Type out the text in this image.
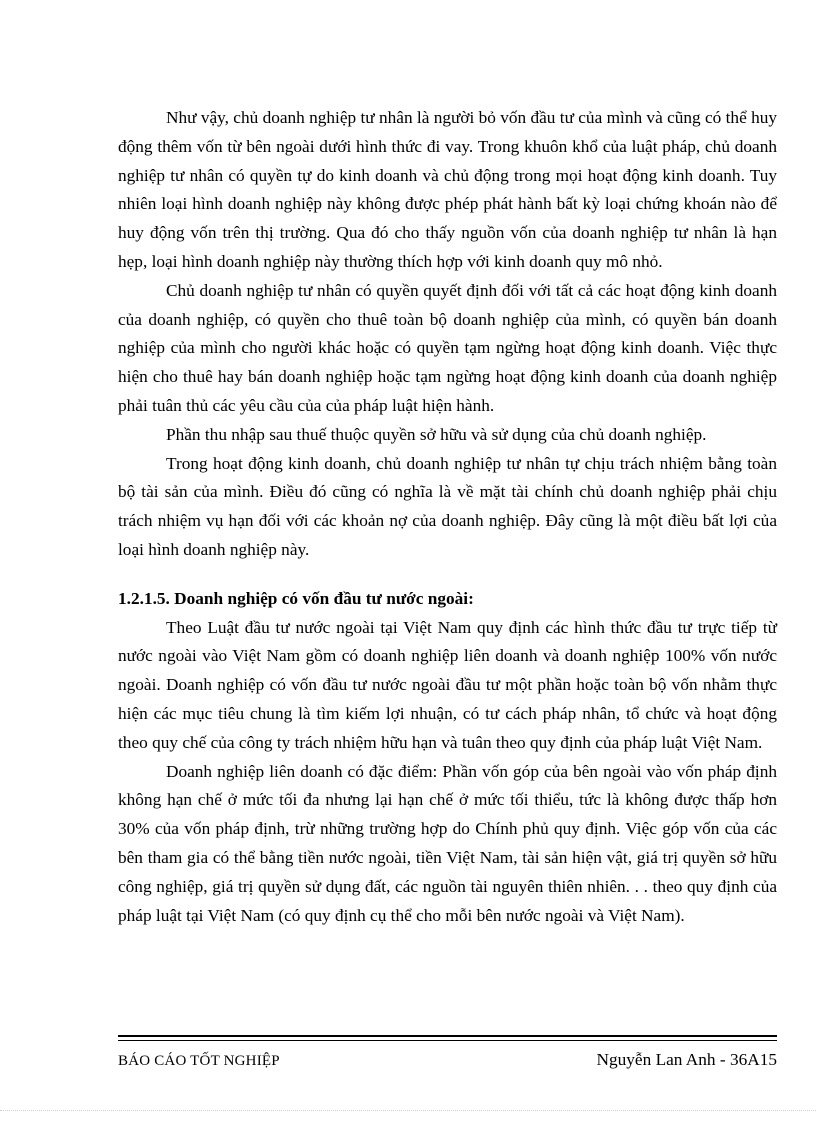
Như vậy, chủ doanh nghiệp tư nhân là người bỏ vốn đầu tư của mình và cũng có thể huy động thêm vốn từ bên ngoài dưới hình thức đi vay. Trong khuôn khổ của luật pháp, chủ doanh nghiệp tư nhân có quyền tự do kinh doanh và chủ động trong mọi hoạt động kinh doanh. Tuy nhiên loại hình doanh nghiệp này không được phép phát hành bất kỳ loại chứng khoán nào để huy động vốn trên thị trường. Qua đó cho thấy nguồn vốn của doanh nghiệp tư nhân là hạn hẹp, loại hình doanh nghiệp này thường thích hợp với kinh doanh quy mô nhỏ.

Chủ doanh nghiệp tư nhân có quyền quyết định đối với tất cả các hoạt động kinh doanh của doanh nghiệp, có quyền cho thuê toàn bộ doanh nghiệp của mình, có quyền bán doanh nghiệp của mình cho người khác hoặc có quyền tạm ngừng hoạt động kinh doanh. Việc thực hiện cho thuê hay bán doanh nghiệp hoặc tạm ngừng hoạt động kinh doanh của doanh nghiệp phải tuân thủ các yêu cầu của của pháp luật hiện hành.

Phần thu nhập sau thuế thuộc quyền sở hữu và sử dụng của chủ doanh nghiệp.

Trong hoạt động kinh doanh, chủ doanh nghiệp tư nhân tự chịu trách nhiệm bằng toàn bộ tài sản của mình. Điều đó cũng có nghĩa là về mặt tài chính chủ doanh nghiệp phải chịu trách nhiệm vụ hạn đối với các khoản nợ của doanh nghiệp. Đây cũng là một điều bất lợi của loại hình doanh nghiệp này.

1.2.1.5. Doanh nghiệp có vốn đầu tư nước ngoài:

Theo Luật đầu tư nước ngoài tại Việt Nam quy định các hình thức đầu tư trực tiếp từ nước ngoài vào Việt Nam gồm có doanh nghiệp liên doanh và doanh nghiệp 100% vốn nước ngoài. Doanh nghiệp có vốn đầu tư nước ngoài đầu tư một phần hoặc toàn bộ vốn nhằm thực hiện các mục tiêu chung là tìm kiếm lợi nhuận, có tư cách pháp nhân, tổ chức và hoạt động theo quy chế của công ty trách nhiệm hữu hạn và tuân theo quy định của pháp luật Việt Nam.

Doanh nghiệp liên doanh có đặc điểm: Phần vốn góp của bên ngoài vào vốn pháp định không hạn chế ở mức tối đa nhưng lại hạn chế ở mức tối thiểu, tức là không được thấp hơn 30% của vốn pháp định, trừ những trường hợp do Chính phủ quy định. Việc góp vốn của các bên tham gia có thể bằng tiền nước ngoài, tiền Việt Nam, tài sản hiện vật, giá trị quyền sở hữu công nghiệp, giá trị quyền sử dụng đất, các nguồn tài nguyên thiên nhiên. . . theo quy định của pháp luật tại Việt Nam (có quy định cụ thể cho mỗi bên nước ngoài và Việt Nam).

BÁO CÁO TỐT NGHIỆP	Nguyễn Lan Anh - 36A15
